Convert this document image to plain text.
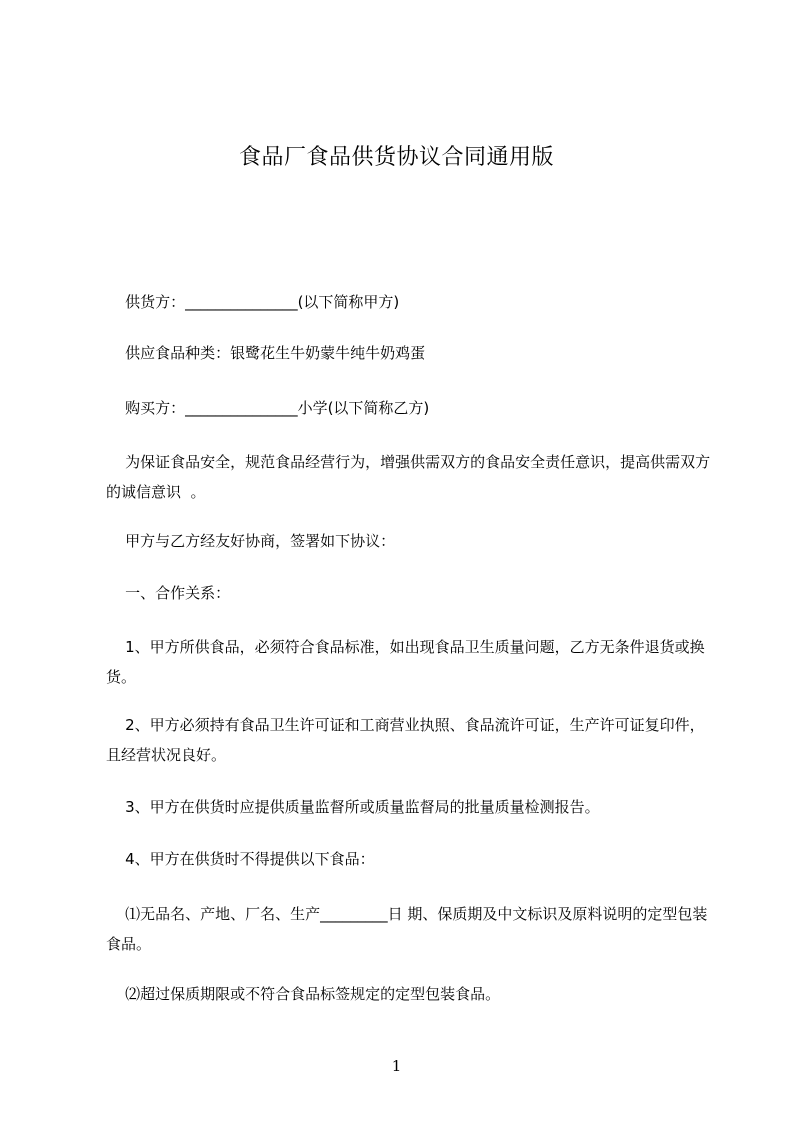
食品厂食品供货协议合同通用版

供货方：_______________(以下简称甲方)

供应食品种类：银鹭花生牛奶蒙牛纯牛奶鸡蛋

购买方：_______________小学(以下简称乙方)

为保证食品安全，规范食品经营行为，增强供需双方的食品安全责任意识，提高供需双方的诚信意识  。

甲方与乙方经友好协商，签署如下协议：

一、合作关系：

1、甲方所供食品，必须符合食品标准，如出现食品卫生质量问题，乙方无条件退货或换货。

2、甲方必须持有食品卫生许可证和工商营业执照、食品流许可证，生产许可证复印件，且经营状况良好。

3、甲方在供货时应提供质量监督所或质量监督局的批量质量检测报告。

4、甲方在供货时不得提供以下食品：

⑴无品名、产地、厂名、生产_________日 期、保质期及中文标识及原料说明的定型包装食品。

⑵超过保质期限或不符合食品标签规定的定型包装食品。

1
